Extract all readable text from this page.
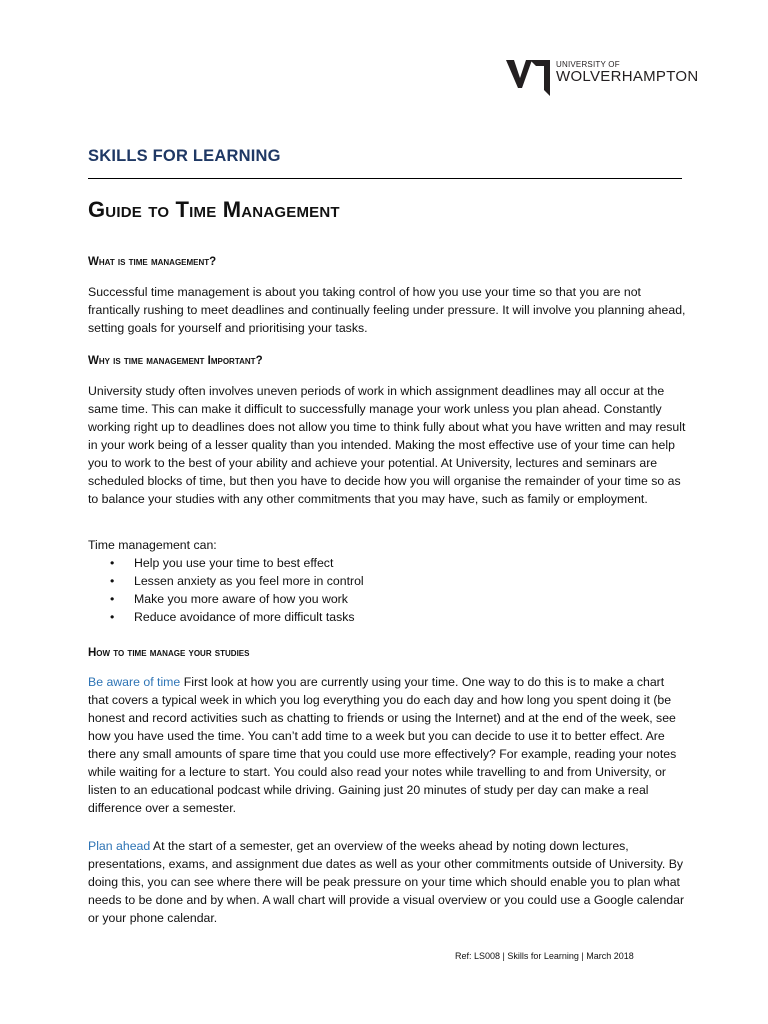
UNIVERSITY OF
WOLVERHAMPTON
SKILLS FOR LEARNING
Guide to Time Management
What is time management?

Successful time management is about you taking control of how you use your time so that you are not frantically rushing to meet deadlines and continually feeling under pressure. It will involve you planning ahead, setting goals for yourself and prioritising your tasks.

Why is time management Important?

University study often involves uneven periods of work in which assignment deadlines may all occur at the same time. This can make it difficult to successfully manage your work unless you plan ahead. Constantly working right up to deadlines does not allow you time to think fully about what you have written and may result in your work being of a lesser quality than you intended. Making the most effective use of your time can help you to work to the best of your ability and achieve your potential. At University, lectures and seminars are scheduled blocks of time, but then you have to decide how you will organise the remainder of your time so as to balance your studies with any other commitments that you may have, such as family or employment.

Time management can:

• Help you use your time to best effect
• Lessen anxiety as you feel more in control
• Make you more aware of how you work
• Reduce avoidance of more difficult tasks
How to time manage your studies

Be aware of time First look at how you are currently using your time. One way to do this is to make a chart that covers a typical week in which you log everything you do each day and how long you spent doing it (be honest and record activities such as chatting to friends or using the Internet) and at the end of the week, see how you have used the time. You can’t add time to a week but you can decide to use it to better effect. Are there any small amounts of spare time that you could use more effectively? For example, reading your notes while waiting for a lecture to start. You could also read your notes while travelling to and from University, or listen to an educational podcast while driving. Gaining just 20 minutes of study per day can make a real difference over a semester.

Plan ahead At the start of a semester, get an overview of the weeks ahead by noting down lectures, presentations, exams, and assignment due dates as well as your other commitments outside of University. By doing this, you can see where there will be peak pressure on your time which should enable you to plan what needs to be done and by when. A wall chart will provide a visual overview or you could use a Google calendar or your phone calendar.

Ref: LS008 | Skills for Learning | March 2018
